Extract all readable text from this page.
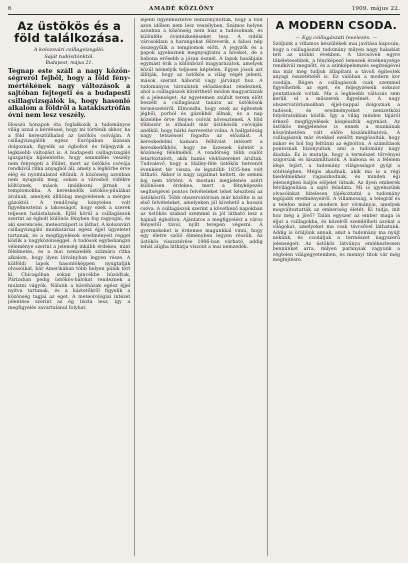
6	AMADÉ KÖZLÖNY	1909. május 22.
Az üstökös és a föld találkozása.
A kolozsvári csillagvizsgáló.
Saját tudósítónktól.
Budapest, május 21.
Tegnap este száll a nagy közönségreról fejből, hogy a föld fénymértékének nagy változások a sajtóban fejtegeti és a budapesti csillagvizsgálók is, hogy hasonló alkalom a földről a katakisztrófán óvni nem lesz veszély.
Hosszú hónapok óta foglalkozik a tudományos világ azzal a kérdéssel, hogy mi történik akkor, ha a föld keresztülhalad az üstökös csóváján. A csillagvizsgálók egész Európában lázasan dolgoznak, figyelik az égboltot és feljegyzik a legkisebb változást is. A budapesti csillagvizsgáló igazgatója kijelentette, hogy semmiféle veszély nem fenyegeti a földet, mert az üstökös csóvája rendkívül ritka anyagból áll, amely a légkörbe érve elég és nyomtalanul eltűnik. A közönség azonban nem nyugszik meg, sokan a városból vidékre költöznek, mások imádkozni járnak a templomokba. A kereskedők üstökös-pilulákat árulnak, amelyek állítólag megvédenek a mérges gázoktól. A rendőrség kénytelen volt figyelmeztetni a lakosságot, hogy ezek a szerek teljesen hatástalanok. Éjfél körül a csillagászok szerint az égbolt különös fényben fog ragyogni, és aki szerencsés, meteorzáport is láthat. A kolozsvári csillagvizsgáló munkatársai egész éjjel ügyeletet tartanak, és a megfigyelések eredményeit reggel közlik a nagyközönséggel. A tudósok egybehangzó véleménye szerint a jelenség inkább érdekes, mint félelmetes, és a mai nemzedék számára ritka alkalom, hogy ilyen látványban legyen része. A külföldi lapok hasonlóképpen nyugtatják olvasóikat, bár Amerikában több helyen pánik tört ki. Chicagóban sokan pincékbe húzódtak, Párizsban pedig üstökös-bálokat rendeznek a mulatni vágyók. Nálunk a kávéházak egész éjjel nyitva tartanak, és a háztetőkről figyelik a közönség tagjai az eget. A meteorológiai intézet jelentése szerint az ég tiszta lesz, így a megfigyelés zavartalanul folyhat.
lejebb figyelmeztetve bebizonyították, hogy a föld azon időben nem lesz veszélyben. Számos helyen azonban a közönség nem hisz a tudósoknak, és különféle óvintézkedéseket tesz. A vidéki városokban a harangokat félreverik, a falusi nép összegyűlik a templomok előtt. A jegyzők és a papok igyekeznek megnyugtatni a híveket, de a babona erősebb a józan észnél. A lapok hasábjain egymást érik a különböző magyarázatok, amelyek közül némelyik teljesen képtelen. Egyes jósok azt állítják, hogy az üstökös a világ végét jelenti, mások szerint háborút vagy járványt hoz. A tudományos társulatok előadásokat rendeznek, ahol a csillagászok közérthető módon magyarázzák el a jelenséget. Az egyetemen zsúfolt terem előtt beszélt a csillagászat tanára az üstökösök természetéről. Elmondta, hogy ezek az égitestek jégből, porból és gázokból állnak, és a nap közelébe érve fényes csóvát növesztenek. A föld többször is áthaladt már üstökösök csóváján anélkül, hogy bárki észrevette volna. A hallgatóság nagy tetszéssel fogadta az előadást. A kereskedelmi kamara felhívást intézett a kereskedőkhöz, hogy ne űzzenek üzletet a közönség félelméből. A rendőrség több csalót letartóztatott, akik hamis védőszereket árultak. Tudvalevő, hogy a Halley-féle üstökös hetvenöt évenként tér vissza, és legutóbb 1835-ben volt látható. Akkor is nagy izgalmat keltett, de semmi baj nem történt. A mostani megjelenés azért különösen érdekes, mert a fényképezés segítségével pontos felvételeket lehet készíteni az üstökösről. Több obszervatórium már közölte is az első felvételeket, amelyeken jól kivehető a hosszú csóva. A csillagászok szerint a következő napokban az üstökös szabad szemmel is jól látható lesz a hajnali égbolton. Ajánlatos a megfigyelést a város fényeitől távol, nyílt terepen végezni. A gyermekeket is érdemes magunkkal vinni, hogy egy életre szóló élményben legyen részük. Az üstökös visszatérése 1986-ban várható, addig tehát aligha láthatja viszont a mai nemzedék.
A MODERN CSODA.
— Egy csillagászati levelezés. —
Szóljunk a villamos készülékek mai javítása kapcsán, hogy a csillagászati tudomány milyen nagy haladást tett az utóbbi években. A távcsövek egyre tökéletesebbek, a fényképező lemezek érzékenysége rendkívül megnőtt, és a színképelemzés segítségével ma már meg tudjuk állapítani a távoli égitestek anyagi összetételét is. Ez valóban a modern kor csodája. Régen a csillagászok csak szemmel figyelhették az eget, és feljegyzéseik sokszor pontatlanok voltak. Ma a legkisebb változás sem kerüli el a műszerek figyelmét. A nagy obszervatóriumokban éjjel-nappal dolgoznak a tudósok, és eredményeiket nemzetközi folyóiratokban közlik. Így a világ minden tájáról érkező megfigyelések kiegészítik egymást. Az üstökös megjelenése is ennek a munkának köszönhetően vált előre kiszámíthatóvá. A csillagászok már évekkel ezelőtt megjósolták, hogy mikor és hol fog feltűnni az égbolton. A számítások pontosnak bizonyultak, ami a tudomány nagy diadala. Ez is mutatja, hogy a természet törvényei szigorúak és kiszámíthatók. A babona és a félelem ideje lejárt, a tudomány világosságot gyújt a sötétségben. Mégis akadnak, akik ma is a régi hiedelmekhez ragaszkodnak, és minden égi jelenségben baljós előjelet látnak. Az ilyen emberek felvilágosítása a sajtó feladata. Mi is igyekszünk olvasóinkat hitelesen tájékoztatni a tudomány legújabb eredményeiről. A villamosság, a telegráf és a telefon mind a modern kor vívmányai, amelyek megváltoztatták az emberiség életét. Ki tudja, mit hoz még a jövő? Talán egyszer az ember maga is eljut a csillagokba, és közelről szemlélheti azokat a világokat, amelyeket ma csak távcsővel láthatunk. Addig is örüljünk annak, amit a tudomány ma nyújt nekünk, és csodáljuk a természet nagyszerű jelenségeit. Az üstökös látványa emlékeztessen bennünket arra, milyen parányiak vagyunk a végtelen világegyetemben, és mennyi titok vár még megfejtésre.
